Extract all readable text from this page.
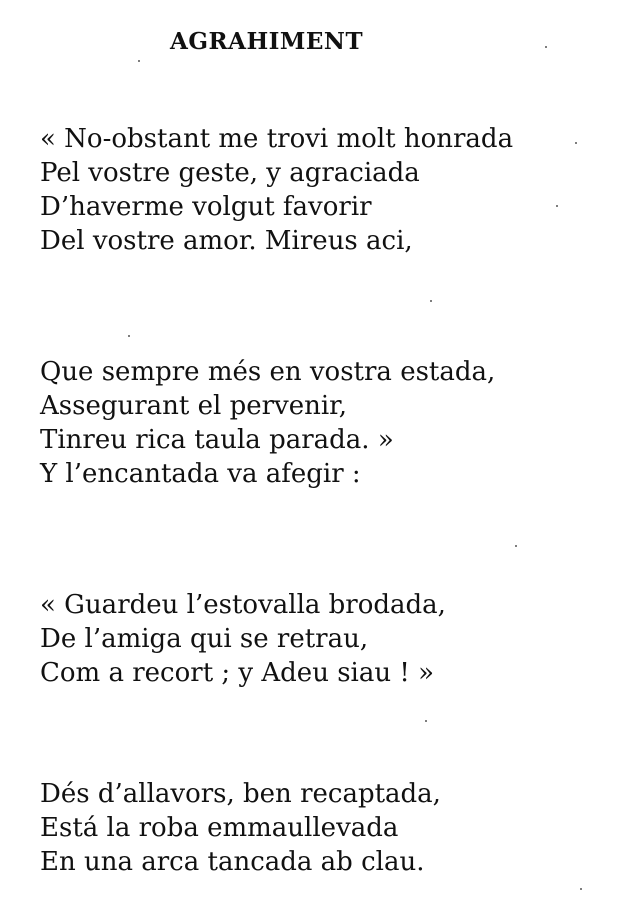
AGRAHIMENT
« No-obstant me trovi molt honrada
Pel vostre geste, y agraciada
D’haverme volgut favorir
Del vostre amor. Mireus aci,
Que sempre més en vostra estada,
Assegurant el pervenir,
Tinreu rica taula parada. »
Y l’encantada va afegir :
« Guardeu l’estovalla brodada,
De l’amiga qui se retrau,
Com a recort ; y Adeu siau ! »
Dés d’allavors, ben recaptada,
Está la roba emmaullevada
En una arca tancada ab clau.
